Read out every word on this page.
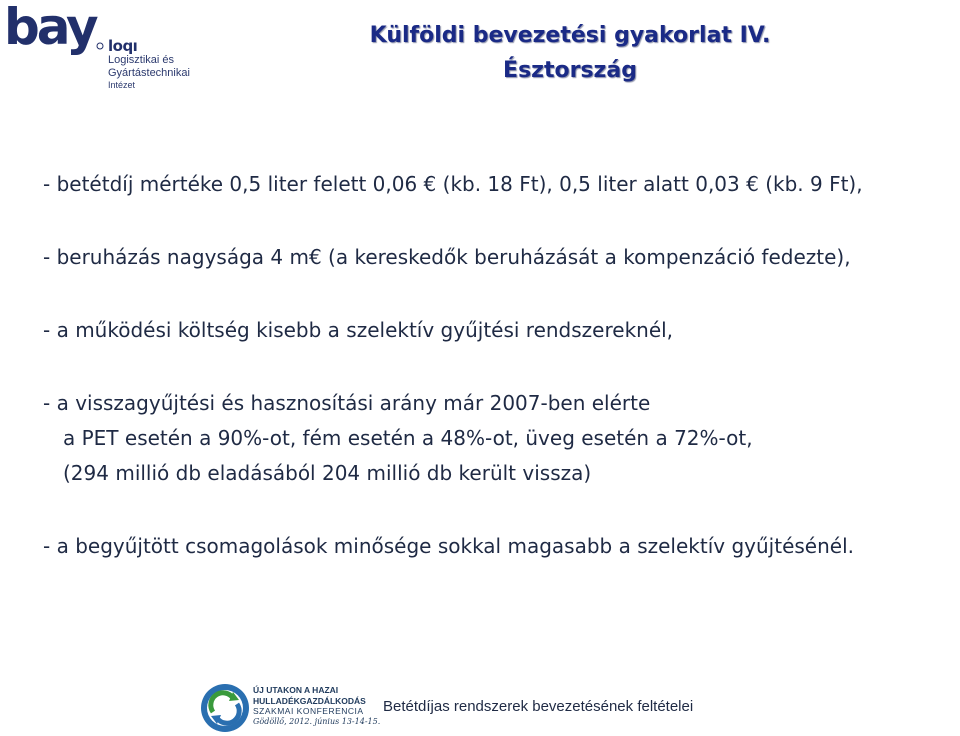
bay loqı
Logisztikai és
Gyártástechnikai
Intézet
Külföldi bevezetési gyakorlat IV.
Észtország
- betétdíj mértéke 0,5 liter felett 0,06 € (kb. 18 Ft), 0,5 liter alatt 0,03 € (kb. 9 Ft),
- beruházás nagysága 4 m€ (a kereskedők beruházását a kompenzáció fedezte),
- a működési költség kisebb a szelektív gyűjtési rendszereknél,
- a visszagyűjtési és hasznosítási arány már 2007-ben elérte
a PET esetén a 90%-ot, fém esetén a 48%-ot, üveg esetén a 72%-ot,
(294 millió db eladásából 204 millió db került vissza)
- a begyűjtött csomagolások minősége sokkal magasabb a szelektív gyűjtésénél.
ÚJ UTAKON A HAZAI
HULLADÉKGAZDÁLKODÁS
SZAKMAI KONFERENCIA
Gödöllő, 2012. június 13-14-15.
Betétdíjas rendszerek bevezetésének feltételei
